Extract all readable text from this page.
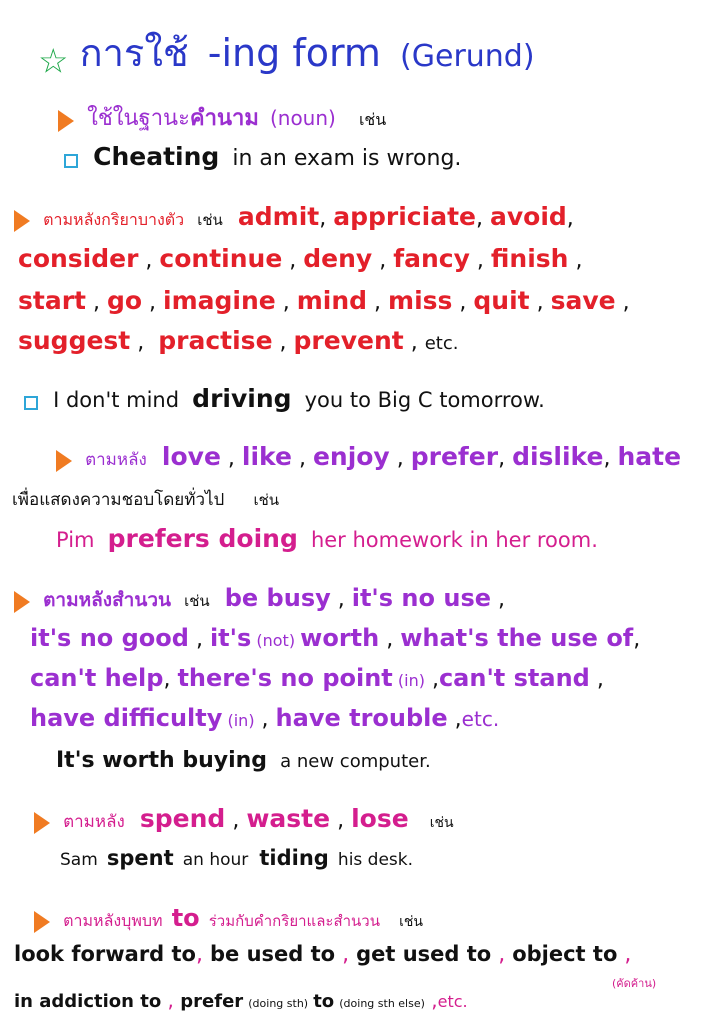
☆ การใช้ -ing form (Gerund)
ใช้ในฐานะคำนาม (noun) เช่น
Cheating in an exam is wrong.
ตามหลังกริยาบางตัว เช่น admit, appriciate, avoid,
consider , continue , deny , fancy , finish ,
start , go , imagine , mind , miss , quit , save ,
suggest ,  practise , prevent , etc.
I don't mind driving you to Big C tomorrow.
ตามหลัง love , like , enjoy , prefer, dislike, hate
เพื่อแสดงความชอบโดยทั่วไป เช่น
Pim prefers doing her homework in her room.
ตามหลังสำนวน เช่น be busy , it's no use ,
it's no good , it's (not) worth , what's the use of,
can't help, there's no point (in) ,can't stand ,
have difficulty (in) , have trouble ,etc.
It's worth buying a new computer.
ตามหลัง spend , waste , lose เช่น
Sam spent an hour tiding his desk.
ตามหลังบุพบท to ร่วมกับคำกริยาและสำนวน เช่น
look forward to, be used to , get used to , object to ,
(คัดค้าน)
in addiction to , prefer (doing sth) to (doing sth else) ,etc.
